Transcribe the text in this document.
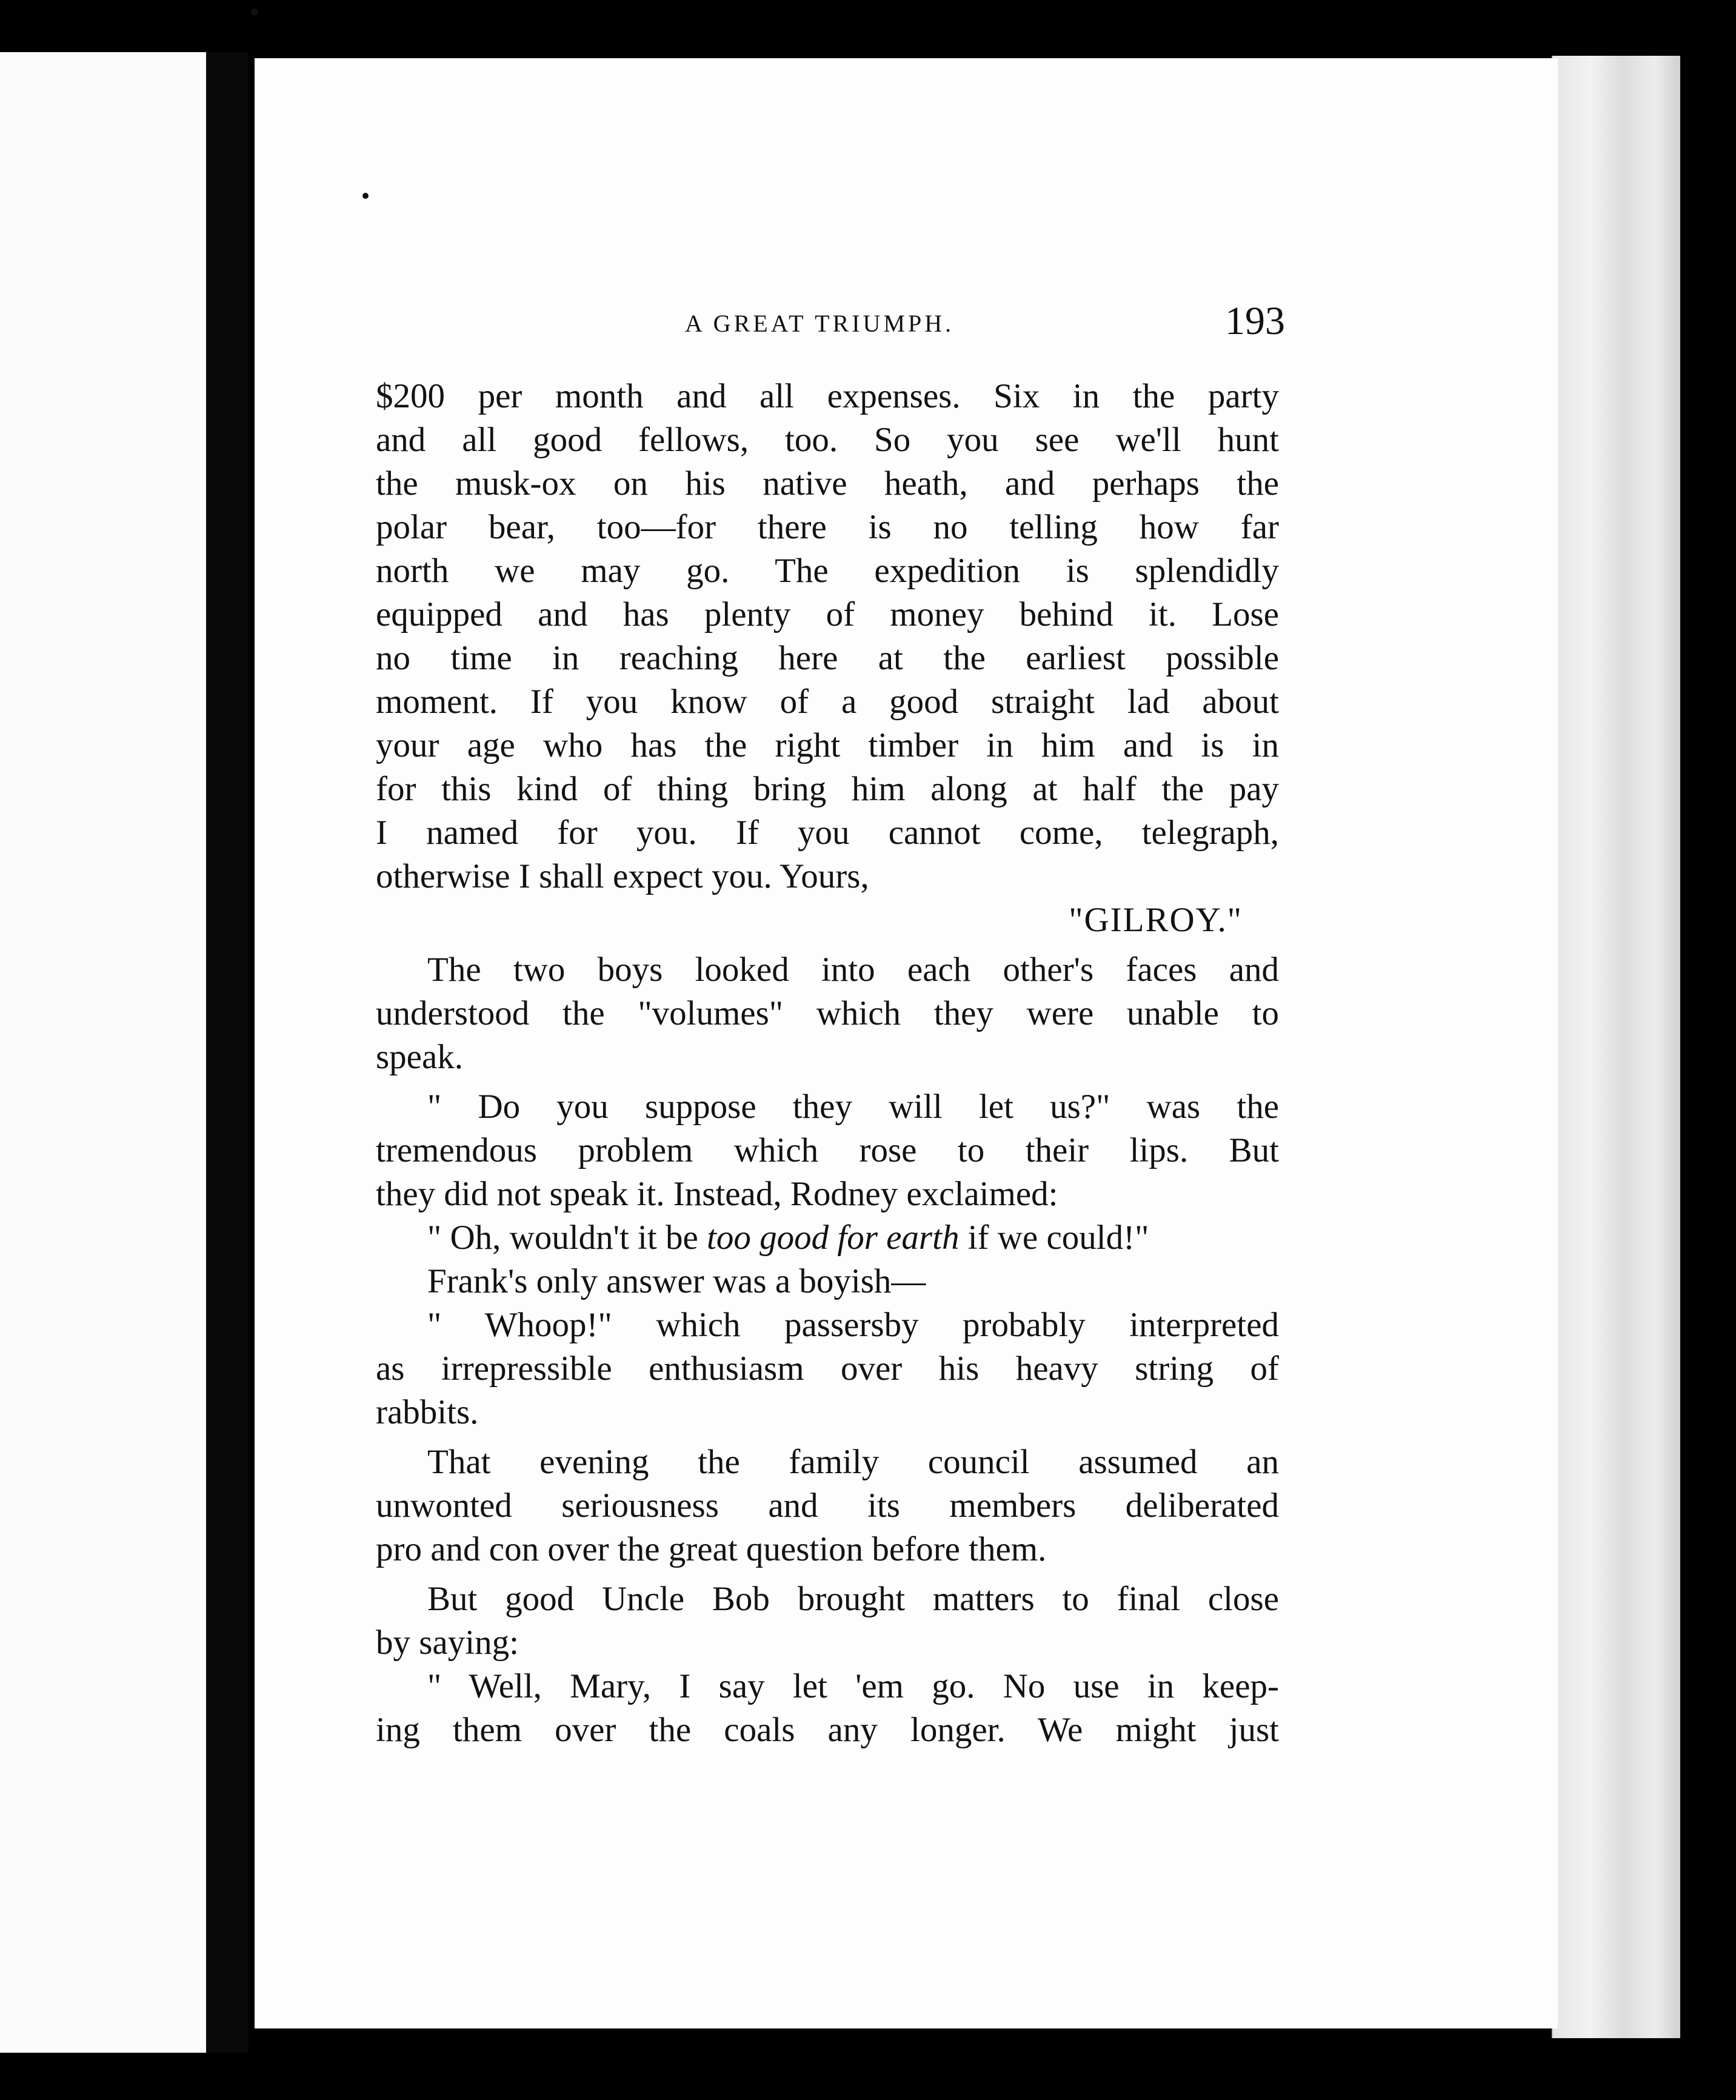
A GREAT TRIUMPH.	193
$200 per month and all expenses. Six in the party
and all good fellows, too. So you see we'll hunt
the musk-ox on his native heath, and perhaps the
polar bear, too—for there is no telling how far
north we may go. The expedition is splendidly
equipped and has plenty of money behind it. Lose
no time in reaching here at the earliest possible
moment. If you know of a good straight lad about
your age who has the right timber in him and is in
for this kind of thing bring him along at half the pay
I named for you. If you cannot come, telegraph,
otherwise I shall expect you. Yours,
"GILROY."
The two boys looked into each other's faces and
understood the "volumes" which they were unable to
speak.
" Do you suppose they will let us?" was the
tremendous problem which rose to their lips. But
they did not speak it. Instead, Rodney exclaimed:
" Oh, wouldn't it be too good for earth if we could!"
Frank's only answer was a boyish—
" Whoop!" which passersby probably interpreted
as irrepressible enthusiasm over his heavy string of
rabbits.
That evening the family council assumed an
unwonted seriousness and its members deliberated
pro and con over the great question before them.
But good Uncle Bob brought matters to final close
by saying:
" Well, Mary, I say let 'em go. No use in keep-
ing them over the coals any longer. We might just
